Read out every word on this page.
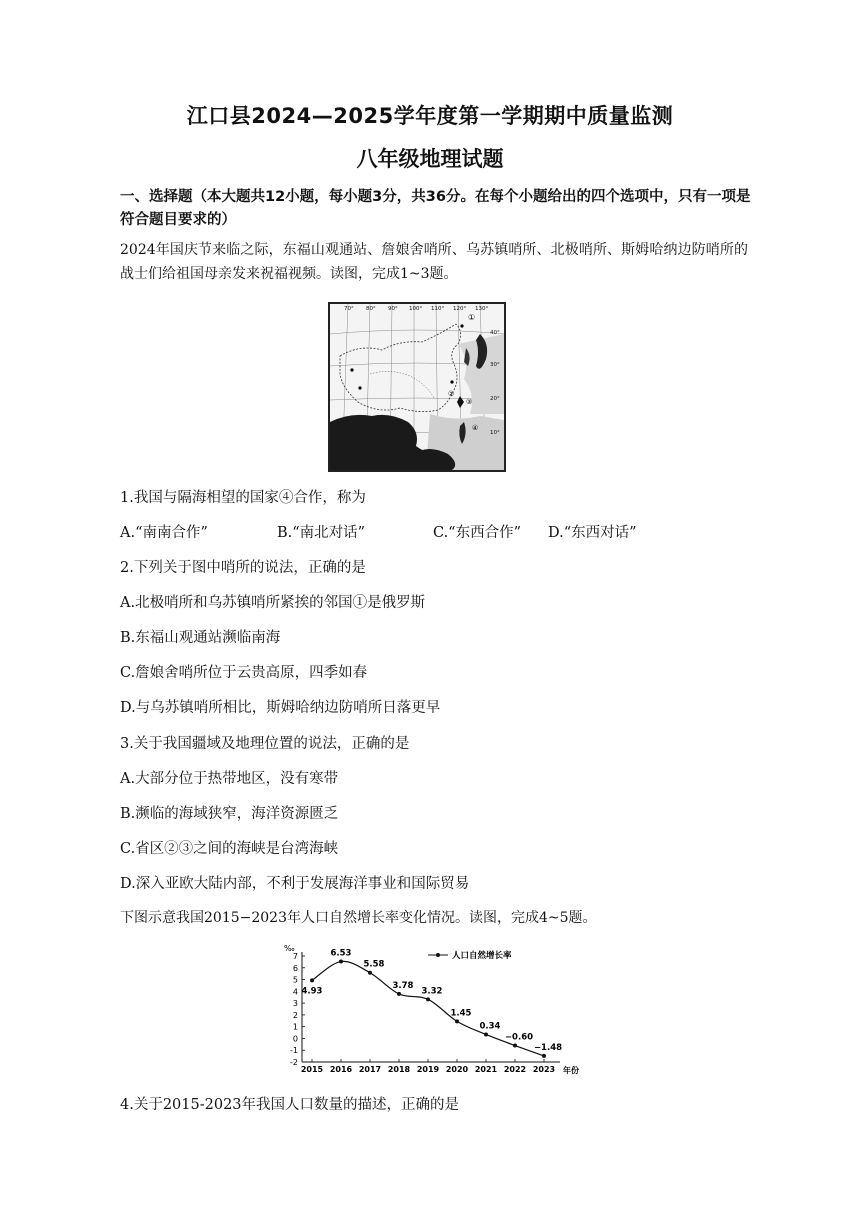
江口县2024—2025学年度第一学期期中质量监测
八年级地理试题
一、选择题（本大题共12小题，每小题3分，共36分。在每个小题给出的四个选项中，只有一项是符合题目要求的）
2024年国庆节来临之际，东福山观通站、詹娘舍哨所、乌苏镇哨所、北极哨所、斯姆哈纳边防哨所的战士们给祖国母亲发来祝福视频。读图，完成1~3题。
70° 80° 90° 100° 110° 120° 130°
40°
30°
20°
10°
①
②
③
④
1.我国与隔海相望的国家④合作，称为
A.“南南合作”	B.“南北对话”	C.“东西合作” D.“东西对话”
2.下列关于图中哨所的说法，正确的是
A.北极哨所和乌苏镇哨所紧挨的邻国①是俄罗斯
B.东福山观通站濒临南海
C.詹娘舍哨所位于云贵高原，四季如春
D.与乌苏镇哨所相比，斯姆哈纳边防哨所日落更早
3.关于我国疆域及地理位置的说法，正确的是
A.大部分位于热带地区，没有寒带
B.濒临的海域狭窄，海洋资源匮乏
C.省区②③之间的海峡是台湾海峡
D.深入亚欧大陆内部，不利于发展海洋事业和国际贸易
下图示意我国2015−2023年人口自然增长率变化情况。读图，完成4~5题。
‰
年份
人口自然增长率
7
6
5
4
3
2
1
0
-1
-2
2015 2016 2017 2018 2019 2020 2021 2022 2023
4.93
6.53
5.58
3.78
3.32
1.45
0.34
−0.60
−1.48
4.关于2015-2023年我国人口数量的描述，正确的是
